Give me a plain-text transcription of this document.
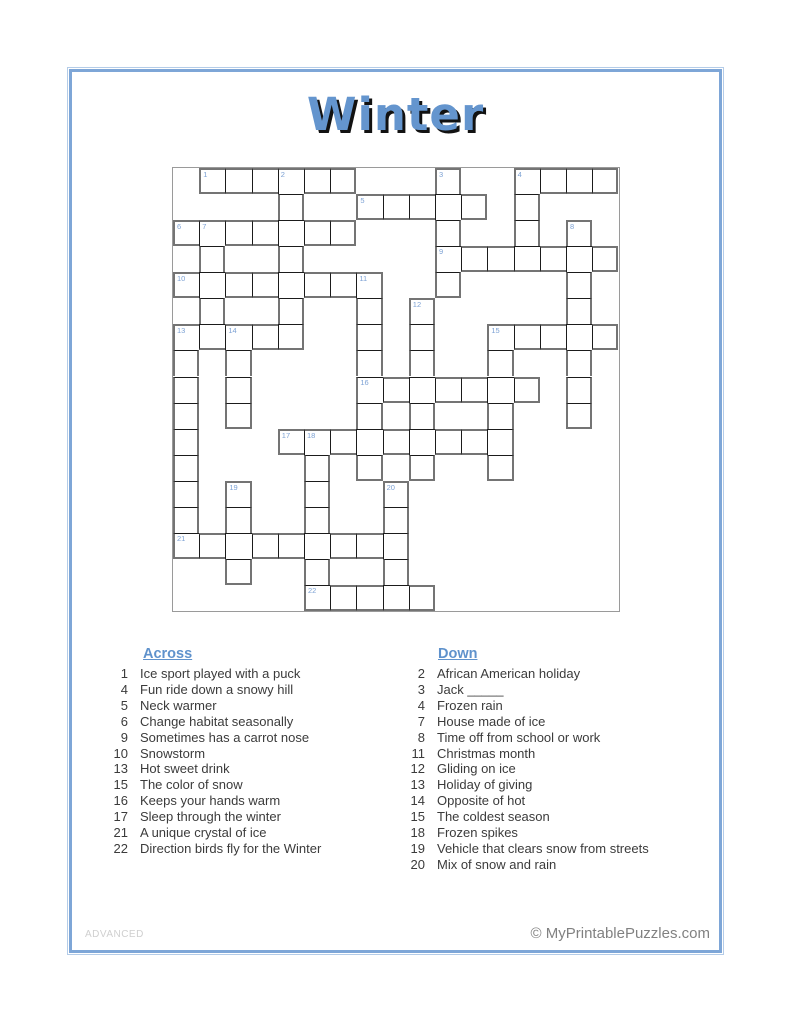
Winter
1	2	4
5
6	7
9
10	11
13	14	15
16
17 18
21
22
3
8
12
19	20
Across
1 Ice sport played with a puck
4 Fun ride down a snowy hill
5 Neck warmer
6 Change habitat seasonally
9 Sometimes has a carrot nose
10 Snowstorm
13 Hot sweet drink
15 The color of snow
16 Keeps your hands warm
17 Sleep through the winter
21 A unique crystal of ice
22 Direction birds fly for the Winter
Down
2 African American holiday
3 Jack _____
4 Frozen rain
7 House made of ice
8 Time off from school or work
11 Christmas month
12 Gliding on ice
13 Holiday of giving
14 Opposite of hot
15 The coldest season
18 Frozen spikes
19 Vehicle that clears snow from streets
20 Mix of snow and rain
ADVANCED	© MyPrintablePuzzles.com
